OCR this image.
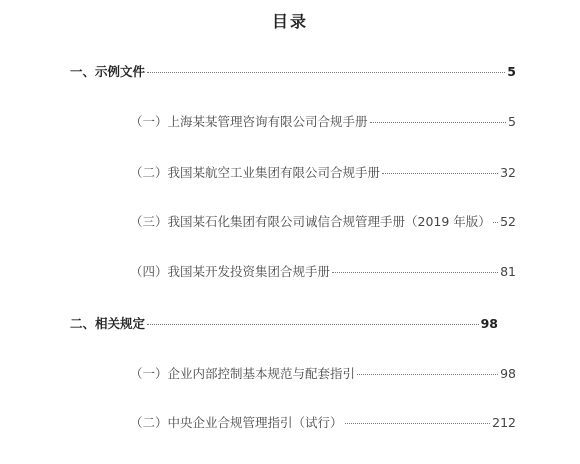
目录
一、示例文件	5
（一）上海某某管理咨询有限公司合规手册	5
（二）我国某航空工业集团有限公司合规手册	32
（三）我国某石化集团有限公司诚信合规管理手册（2019 年版） 52
（四）我国某开发投资集团合规手册	81
二、相关规定	98
（一）企业内部控制基本规范与配套指引	98
（二）中央企业合规管理指引（试行）	212
